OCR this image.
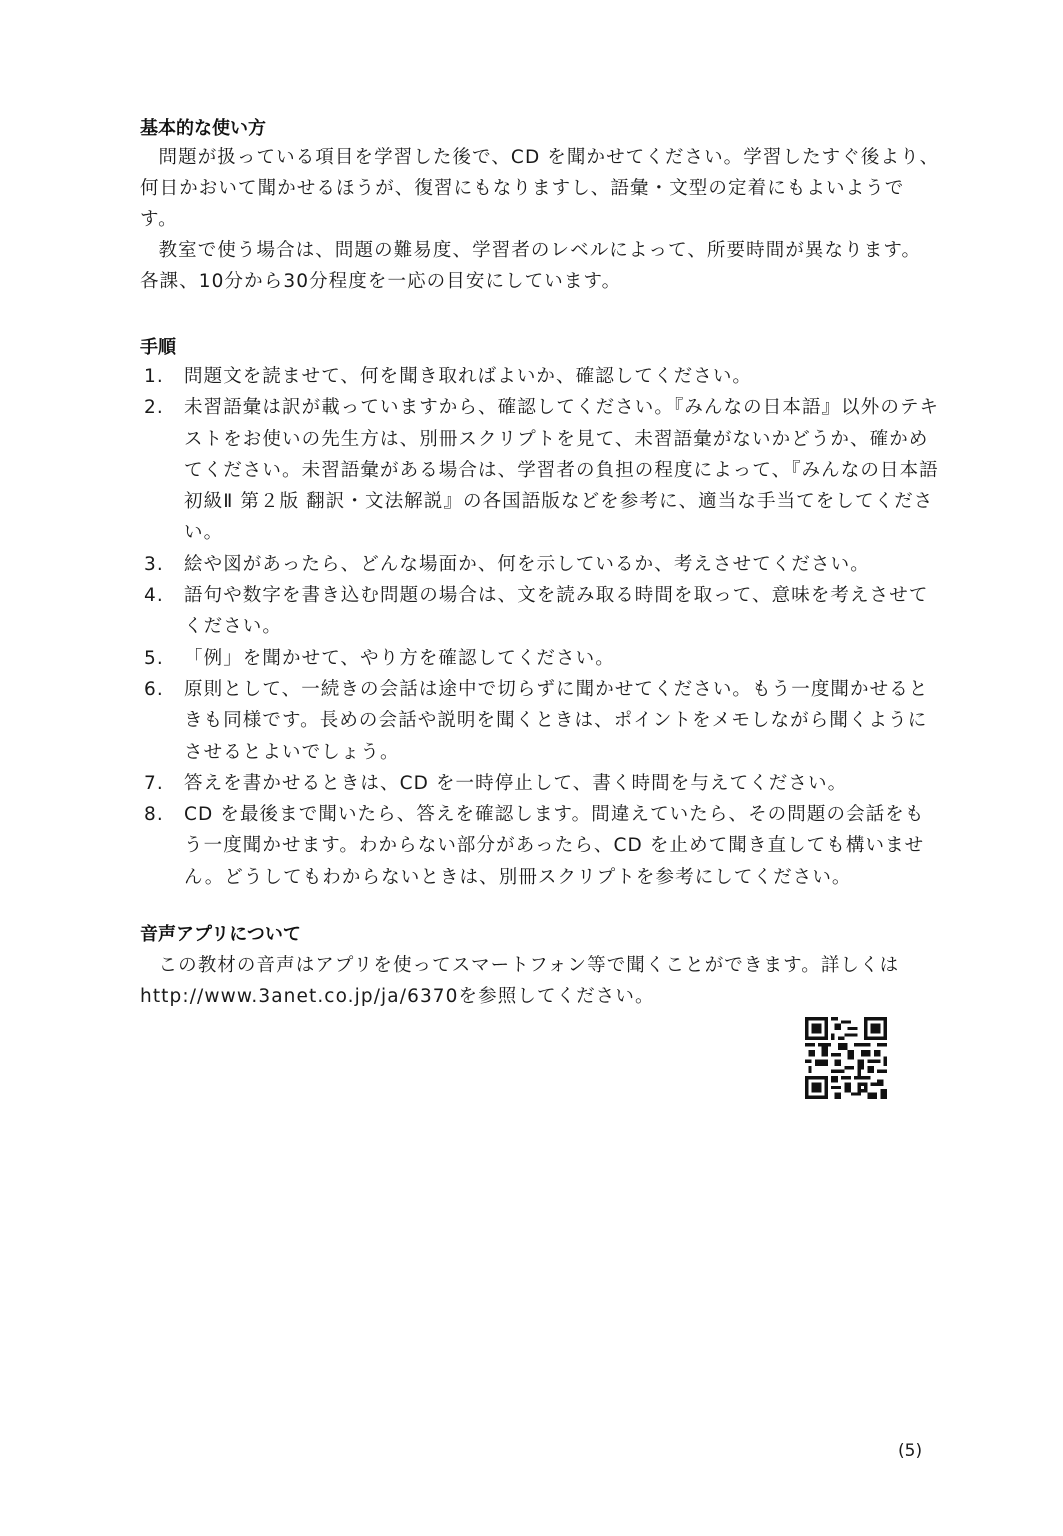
基本的な使い方

問題が扱っている項目を学習した後で、CD を聞かせてください。学習したすぐ後より、何日かおいて聞かせるほうが、復習にもなりますし、語彙・文型の定着にもよいようです。

教室で使う場合は、問題の難易度、学習者のレベルによって、所要時間が異なります。各課、10分から30分程度を一応の目安にしています。

手順
1.	問題文を読ませて、何を聞き取ればよいか、確認してください。
2.	未習語彙は訳が載っていますから、確認してください。『みんなの日本語』以外のテキストをお使いの先生方は、別冊スクリプトを見て、未習語彙がないかどうか、確かめてください。未習語彙がある場合は、学習者の負担の程度によって、『みんなの日本語 初級Ⅱ 第２版 翻訳・文法解説』の各国語版などを参考に、適当な手当てをしてください。
3.	絵や図があったら、どんな場面か、何を示しているか、考えさせてください。
4.	語句や数字を書き込む問題の場合は、文を読み取る時間を取って、意味を考えさせてください。
5.	「例」を聞かせて、やり方を確認してください。
6.	原則として、一続きの会話は途中で切らずに聞かせてください。もう一度聞かせるときも同様です。長めの会話や説明を聞くときは、ポイントをメモしながら聞くようにさせるとよいでしょう。
7.	答えを書かせるときは、CD を一時停止して、書く時間を与えてください。
8.	CD を最後まで聞いたら、答えを確認します。間違えていたら、その問題の会話をもう一度聞かせます。わからない部分があったら、CD を止めて聞き直しても構いません。どうしてもわからないときは、別冊スクリプトを参考にしてください。
音声アプリについて

この教材の音声はアプリを使ってスマートフォン等で聞くことができます。詳しくは http://www.3anet.co.jp/ja/6370を参照してください。

(5)
